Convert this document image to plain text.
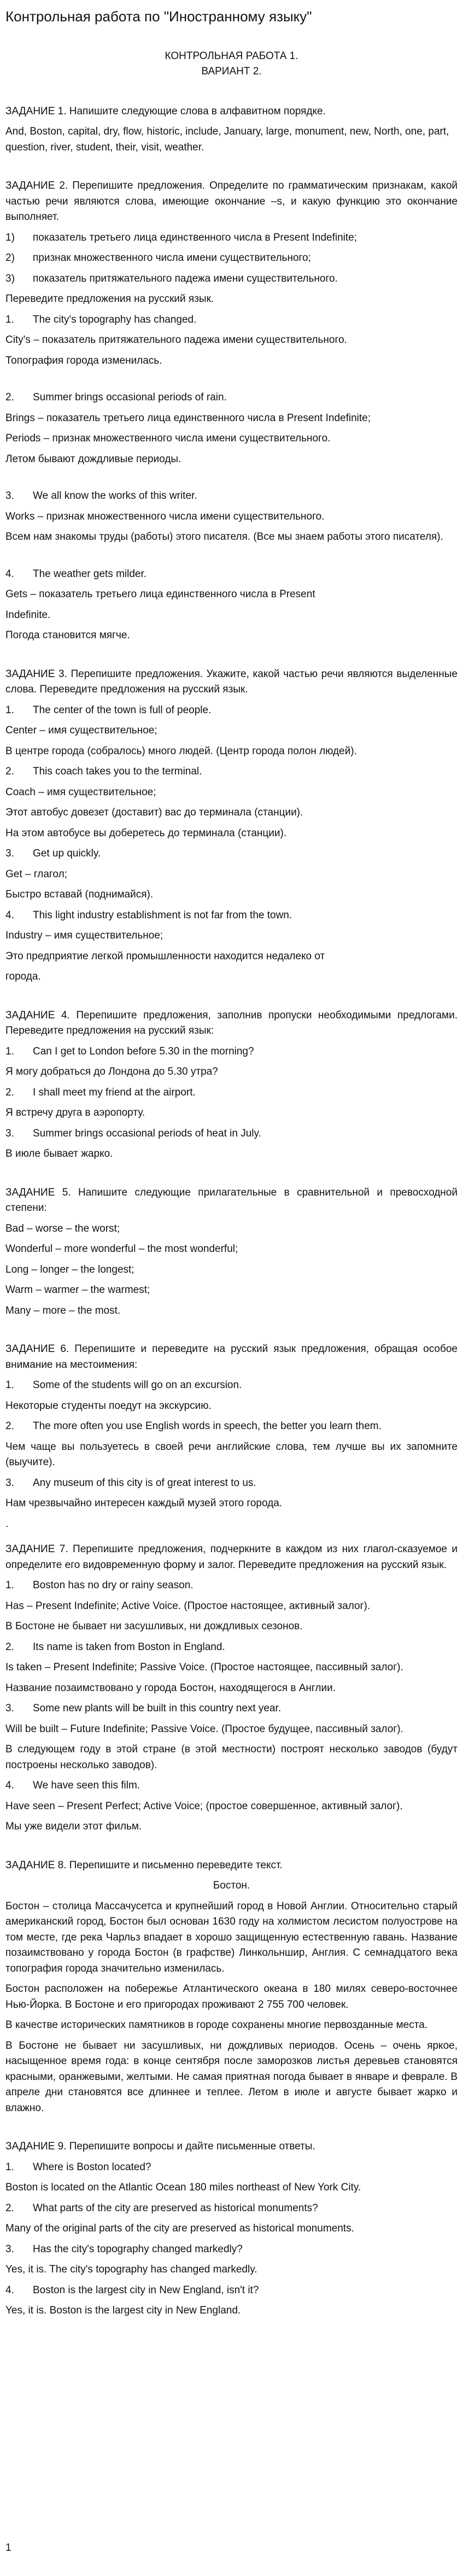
Контрольная работа по "Иностранному языку"

КОНТРОЛЬНАЯ РАБОТА 1.

ВАРИАНТ 2.

ЗАДАНИЕ 1. Напишите следующие слова в алфавитном порядке.

And, Boston, capital, dry, flow, historic, include, January, large, monument, new, North, one, part, question, river, student, their, visit, weather.

ЗАДАНИЕ 2. Перепишите предложения. Определите по грамматическим признакам, какой частью речи являются слова, имеющие окончание –s, и какую функцию это окончание выполняет.

1)	показатель третьего лица единственного числа в Present Indefinite;
2)	признак множественного числа имени существительного;
3)	показатель притяжательного падежа имени существительного.

Переведите предложения на русский язык.

1.	The city's topography has changed.

City's – показатель притяжательного падежа имени существительного.

Топография города изменилась.

2.	Summer brings occasional periods of rain.

Brings – показатель третьего лица единственного числа в Present Indefinite;

Periods – признак множественного числа имени существительного.

Летом бывают дождливые периоды.

3.	We all know the works of this writer.

Works – признак множественного числа имени существительного.

Всем нам знакомы труды (работы) этого писателя. (Все мы знаем работы этого писателя).

4.	The weather gets milder.

Gets – показатель третьего лица единственного числа в Present

Indefinite.

Погода становится мягче.

ЗАДАНИЕ 3. Перепишите предложения. Укажите, какой частью речи являются выделенные слова. Переведите предложения на русский язык.

1.	The center of the town is full of people.

Center – имя существительное;

В центре города (собралось) много людей. (Центр города полон людей).

2.	This coach takes you to the terminal.

Coach – имя существительное;

Этот автобус довезет (доставит) вас до терминала (станции).

На этом автобусе вы доберетесь до терминала (станции).

3.	Get up quickly.

Get – глагол;

Быстро вставай (поднимайся).

4.	This light industry establishment is not far from the town.

Industry – имя существительное;

Это предприятие легкой промышленности находится недалеко от

города.

ЗАДАНИЕ 4. Перепишите предложения, заполнив пропуски необходимыми предлогами. Переведите предложения на русский язык:

1.	Can I get to London before 5.30 in the morning?

Я могу добраться до Лондона до 5.30 утра?

2.	I shall meet my friend at the airport.

Я встречу друга в аэропорту.

3.	Summer brings occasional periods of heat in July.

В июле бывает жарко.

ЗАДАНИЕ 5. Напишите следующие прилагательные в сравнительной и превосходной степени:

Bad – worse – the worst;

Wonderful – more wonderful – the most wonderful;

Long – longer – the longest;

Warm – warmer – the warmest;

Many – more – the most.

ЗАДАНИЕ 6. Перепишите и переведите на русский язык предложения, обращая особое внимание на местоимения:

1.	Some of the students will go on an excursion.

Некоторые студенты поедут на экскурсию.

2.	The more often you use English words in speech, the better you learn them.

Чем чаще вы пользуетесь в своей речи английские слова, тем лучше вы их запомните (выучите).

3.	Any museum of this city is of great interest to us.

Нам чрезвычайно интересен каждый музей этого города.

.

ЗАДАНИЕ 7. Перепишите предложения, подчеркните в каждом из них глагол-сказуемое и определите его видовременную форму и залог. Переведите предложения на русский язык.

1.	Boston has no dry or rainy season.

Has – Present Indefinite; Active Voice. (Простое настоящее, активный залог).

В Бостоне не бывает ни засушливых, ни дождливых сезонов.

2.	Its name is taken from Boston in England.

Is taken – Present Indefinite; Passive Voice. (Простое настоящее, пассивный залог).

Название позаимствовано у города Бостон, находящегося в Англии.

3.	Some new plants will be built in this country next year.

Will be built – Future Indefinite; Passive Voice. (Простое будущее, пассивный залог).

В следующем году в этой стране (в этой местности) построят несколько заводов (будут построены несколько заводов).

4.	We have seen this film.

Have seen – Present Perfect; Active Voice; (простое совершенное, активный залог).

Мы уже видели этот фильм.

ЗАДАНИЕ 8. Перепишите и письменно переведите текст.

Бостон.

Бостон – столица Массачусетса и крупнейший город в Новой Англии. Относительно старый американский город, Бостон был основан 1630 году на холмистом лесистом полуострове на том месте, где река Чарльз впадает в хорошо защищенную естественную гавань. Название позаимствовано у города Бостон (в графстве) Линкольншир, Англия. С семнадцатого века топография города значительно изменилась.

Бостон расположен на побережье Атлантического океана в 180 милях северо-восточнее Нью-Йорка. В Бостоне и его пригородах проживают 2 755 700 человек.

В качестве исторических памятников в городе сохранены многие первозданные места.

В Бостоне не бывает ни засушливых, ни дождливых периодов. Осень – очень яркое, насыщенное время года: в конце сентября после заморозков листья деревьев становятся красными, оранжевыми, желтыми. Не самая приятная погода бывает в январе и феврале. В апреле дни становятся все длиннее и теплее. Летом в июле и августе бывает жарко и влажно.

ЗАДАНИЕ 9. Перепишите вопросы и дайте письменные ответы.

1.	Where is Boston located?

Boston is located on the Atlantic Ocean 180 miles northeast of New York City.

2.	What parts of the city are preserved as historical monuments?

Many of the original parts of the city are preserved as historical monuments.

3.	Has the city's topography changed markedly?

Yes, it is. The city's topography has changed markedly.

4.	Boston is the largest city in New England, isn't it?

Yes, it is. Boston is the largest city in New England.

1
